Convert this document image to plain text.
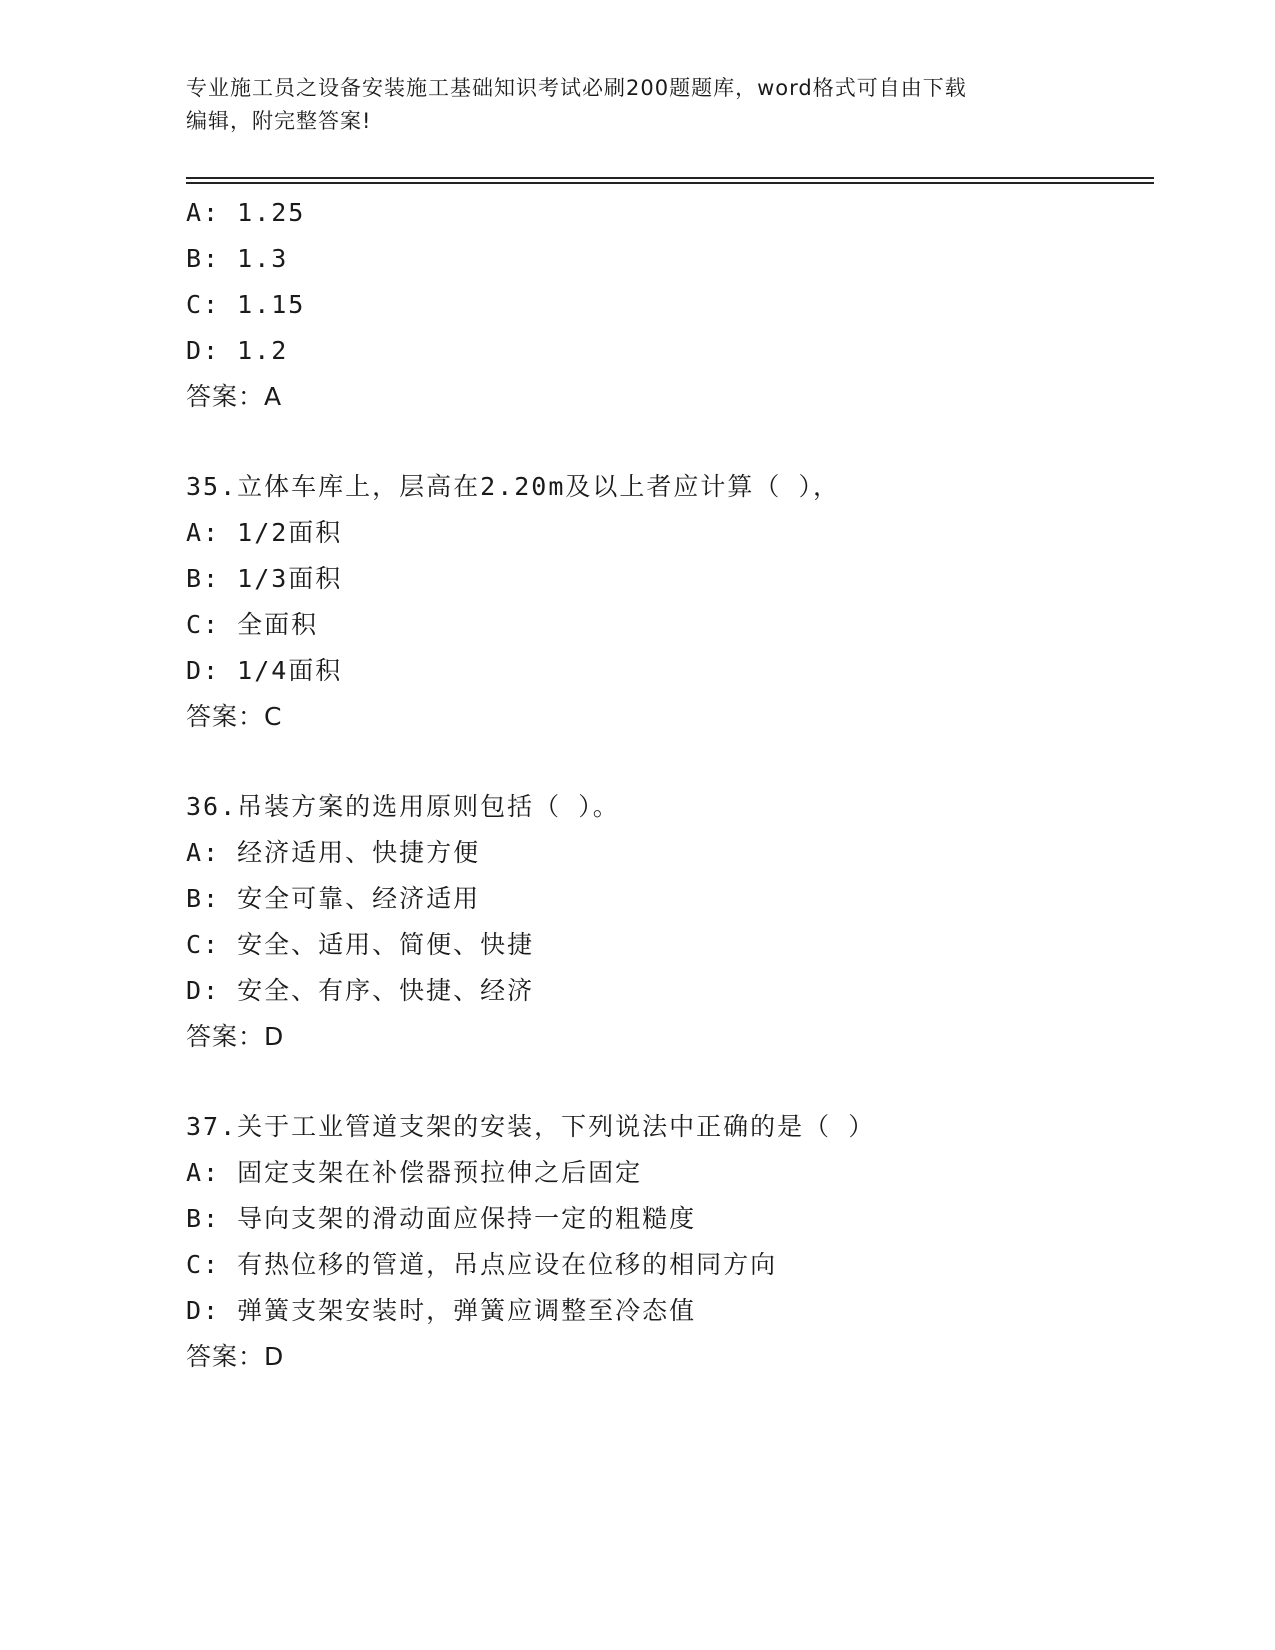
专业施工员之设备安装施工基础知识考试必刷200题题库，word格式可自由下载
编辑，附完整答案!
A: 1.25
B: 1.3
C: 1.15
D: 1.2
答案：A
35.立体车库上，层高在2.20m及以上者应计算（ ），
A: 1/2面积
B: 1/3面积
C: 全面积
D: 1/4面积
答案：C
36.吊装方案的选用原则包括（ ）。
A: 经济适用、快捷方便
B: 安全可靠、经济适用
C: 安全、适用、简便、快捷
D: 安全、有序、快捷、经济
答案：D
37.关于工业管道支架的安装，下列说法中正确的是（ ）
A: 固定支架在补偿器预拉伸之后固定
B: 导向支架的滑动面应保持一定的粗糙度
C: 有热位移的管道，吊点应设在位移的相同方向
D: 弹簧支架安装时，弹簧应调整至冷态值
答案：D
